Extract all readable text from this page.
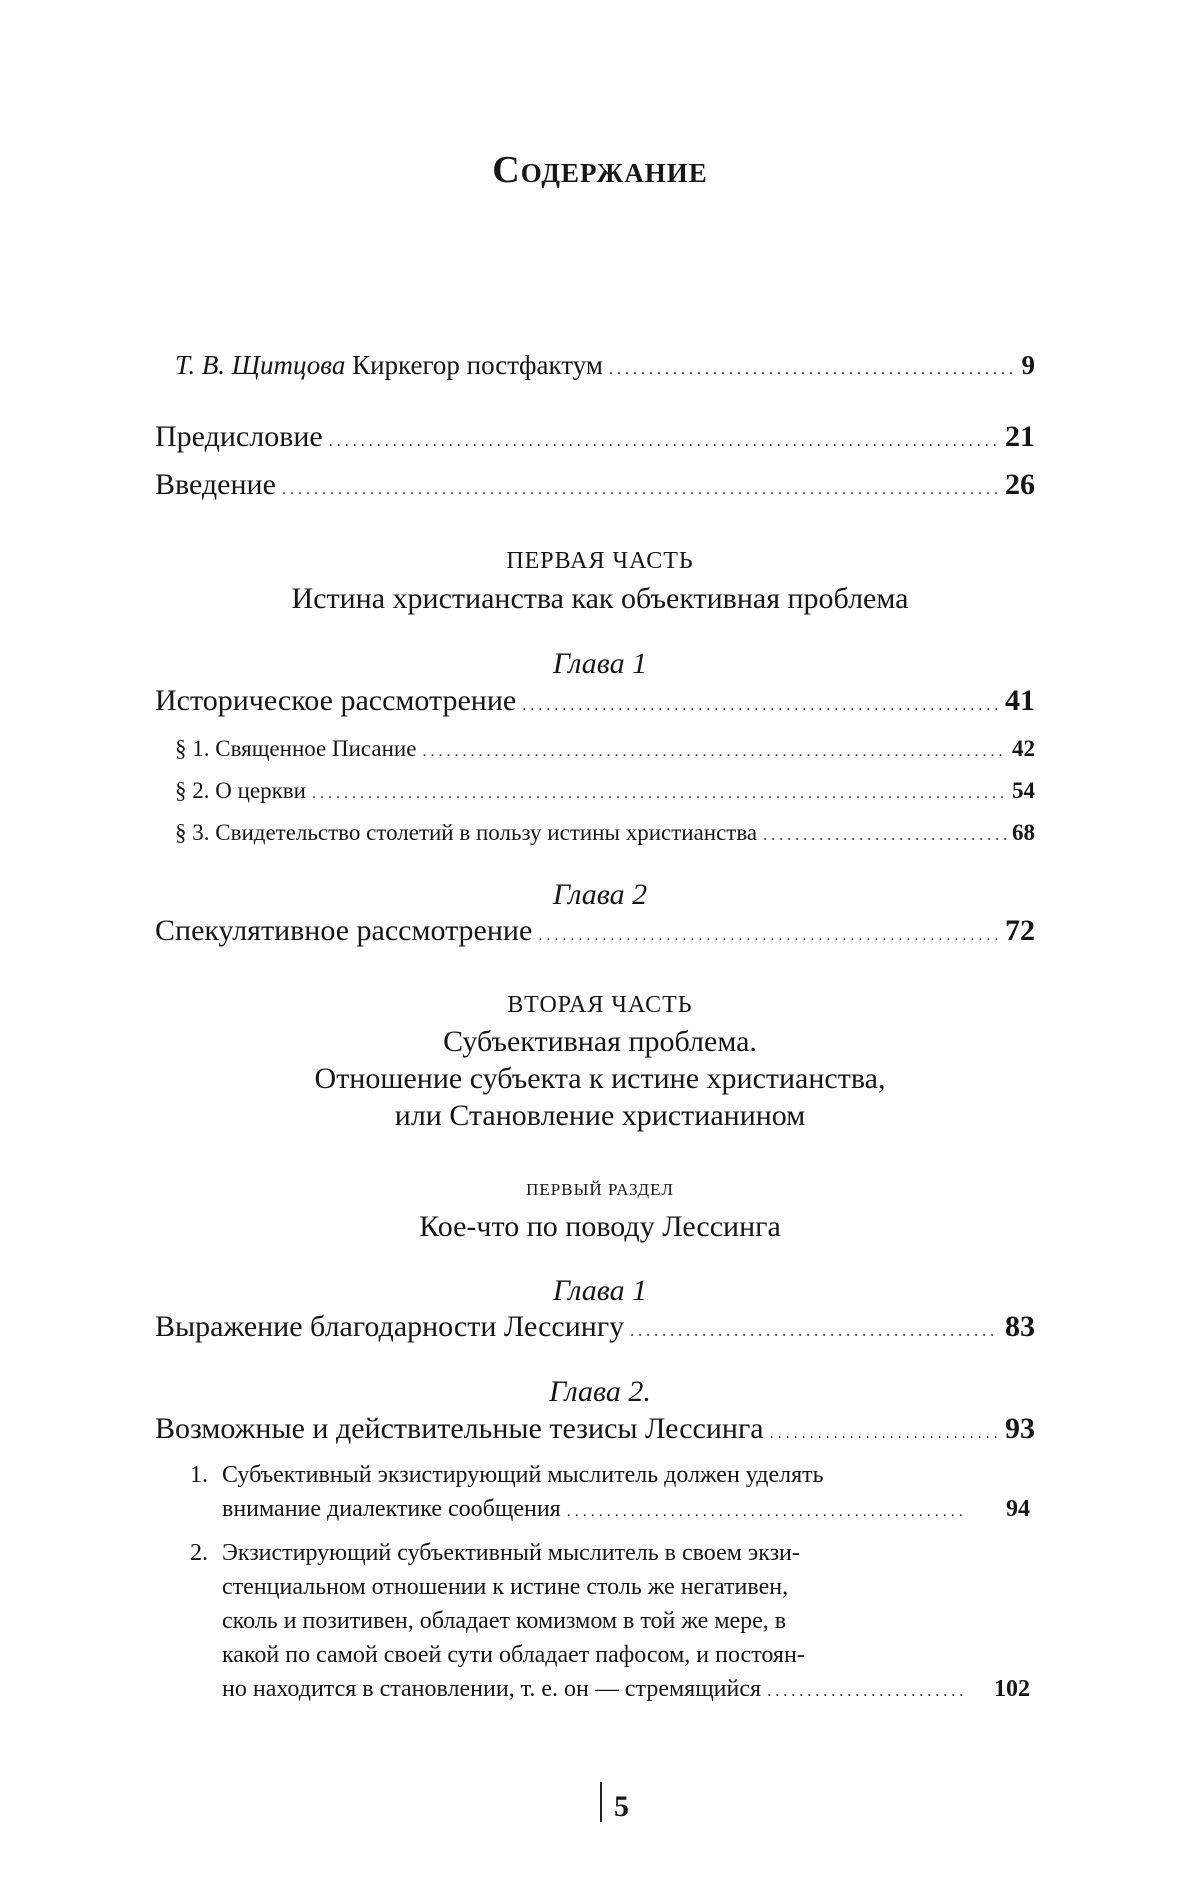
Содержание
Т. В. Щитцова Киркегор постфактум . . .	9
Предисловие . . .	21
Введение . . .	26
ПЕРВАЯ ЧАСТЬ
Истина христианства как объективная проблема
Глава 1
Историческое рассмотрение . . .	41
§ 1. Священное Писание . . .	42
§ 2. О церкви . . .	54
§ 3. Свидетельство столетий в пользу истины христианства . . .	68
Глава 2
Спекулятивное рассмотрение . . .	72
ВТОРАЯ ЧАСТЬ
Субъективная проблема.
Отношение субъекта к истине христианства,
или Становление христианином
ПЕРВЫЙ РАЗДЕЛ
Кое-что по поводу Лессинга
Глава 1
Выражение благодарности Лессингу . . .	83
Глава 2.
Возможные и действительные тезисы Лессинга . . .	93
1. Субъективный экзистирующий мыслитель должен уделять
внимание диалектике сообщения . . .	94
2. Экзистирующий субъективный мыслитель в своем экзи-
стенциальном отношении к истине столь же негативен,
сколь и позитивен, обладает комизмом в той же мере, в
какой по самой своей сути обладает пафосом, и постоян-
но находится в становлении, т. е. он — стремящийся . . .	102
5
